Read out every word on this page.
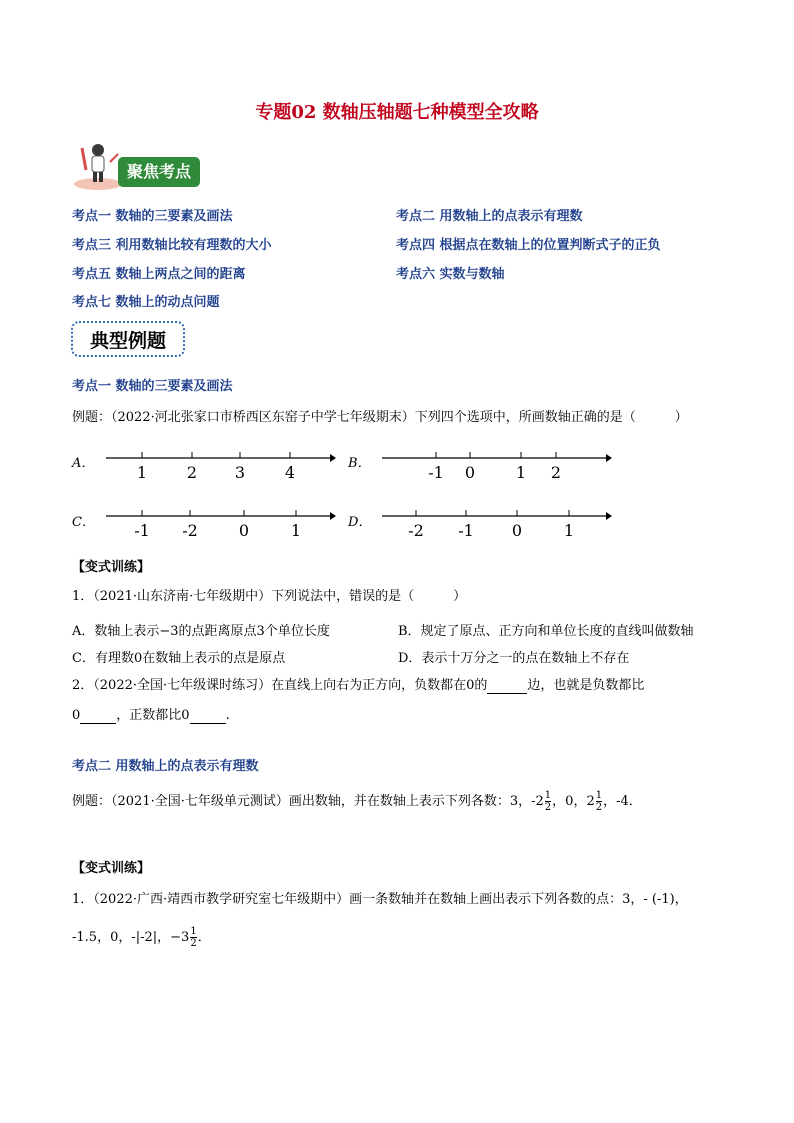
专题02 数轴压轴题七种模型全攻略
聚焦考点
考点一 数轴的三要素及画法	考点二 用数轴上的点表示有理数
考点三 利用数轴比较有理数的大小	考点四 根据点在数轴上的位置判断式子的正负
考点五 数轴上两点之间的距离	考点六 实数与数轴
考点七 数轴上的动点问题
典型例题
考点一 数轴的三要素及画法
例题：（2022·河北张家口市桥西区东窑子中学七年级期末）下列四个选项中，所画数轴正确的是（　　　）
A．	1 2 3 4	B．	-1 0	1 2
C． -1 -2	0	1	D． -2 -1 0	1
【变式训练】
1．（2021·山东济南·七年级期中）下列说法中，错误的是（　　　）
A．数轴上表示−3的点距离原点3个单位长度	B．规定了原点、正方向和单位长度的直线叫做数轴
C．有理数0在数轴上表示的点是原点	D．表示十万分之一的点在数轴上不存在
2．（2022·全国·七年级课时练习）在直线上向右为正方向，负数都在0的	边，也就是负数都比
0	，正数都比0	.
考点二 用数轴上的点表示有理数
例题：（2021·全国·七年级单元测试）画出数轴，并在数轴上表示下列各数：3，$-2 \frac{1}{2}$ ，0，$2 \frac{1}{2}$ ，-4．
【变式训练】
1．（2022·广西·靖西市教学研究室七年级期中）画一条数轴并在数轴上画出表示下列各数的点：3，- (-1)，
-1.5，0，-|-2|，$-3 \frac{1}{2}$ ．
